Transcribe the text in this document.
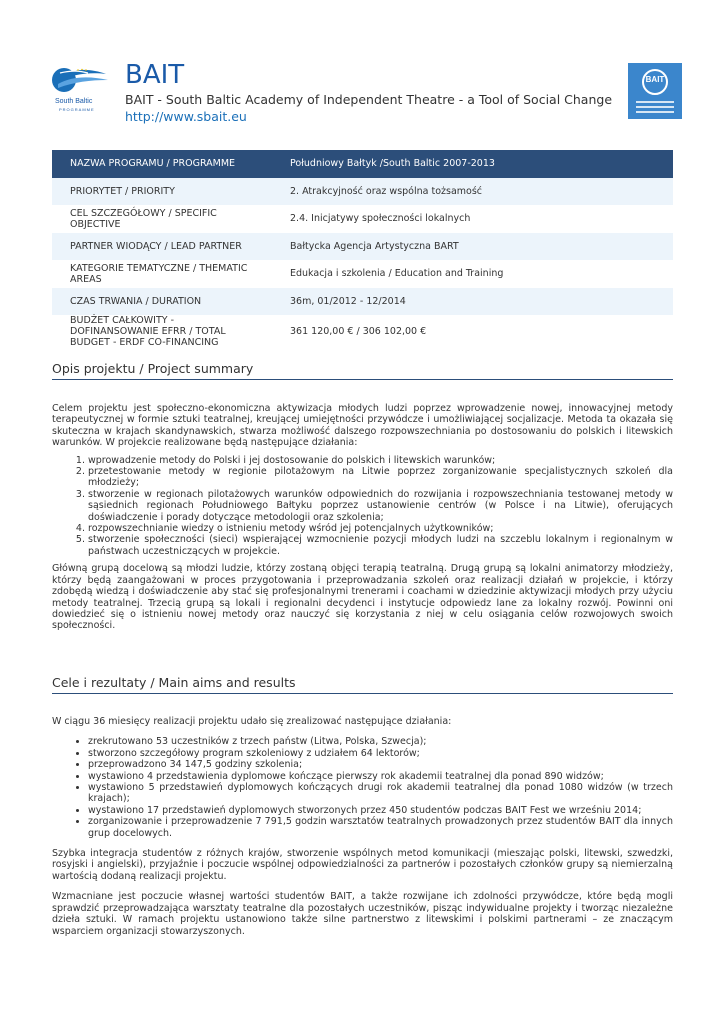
South Baltic
PROGRAMME
BAIT
BAIT - South Baltic Academy of Independent Theatre - a Tool of Social Change
http://www.sbait.eu
BAIT
NAZWA PROGRAMU / PROGRAMME	Południowy Bałtyk /South Baltic 2007-2013
PRIORYTET / PRIORITY	2. Atrakcyjność oraz wspólna tożsamość
CEL SZCZEGÓŁOWY / SPECIFIC OBJECTIVE	2.4. Inicjatywy społeczności lokalnych
PARTNER WIODĄCY / LEAD PARTNER	Bałtycka Agencja Artystyczna BART
KATEGORIE TEMATYCZNE / THEMATIC AREAS	Edukacja i szkolenia / Education and Training
CZAS TRWANIA / DURATION	36m, 01/2012 - 12/2014
BUDŻET CAŁKOWITY - DOFINANSOWANIE EFRR / TOTAL BUDGET - ERDF CO-FINANCING	361 120,00 € / 306 102,00 €
Opis projektu / Project summary

Celem projektu jest społeczno-ekonomiczna aktywizacja młodych ludzi poprzez wprowadzenie nowej, innowacyjnej metody terapeutycznej w formie sztuki teatralnej, kreującej umiejętności przywódcze i umożliwiającej socjalizacje. Metoda ta okazała się skuteczna w krajach skandynawskich, stwarza możliwość dalszego rozpowszechniania po dostosowaniu do polskich i litewskich warunków. W projekcie realizowane będą następujące działania:

1. wprowadzenie metody do Polski i jej dostosowanie do polskich i litewskich warunków;
2. przetestowanie metody w regionie pilotażowym na Litwie poprzez zorganizowanie specjalistycznych szkoleń dla młodzieży;
3. stworzenie w regionach pilotażowych warunków odpowiednich do rozwijania i rozpowszechniania testowanej metody w sąsiednich regionach Południowego Bałtyku poprzez ustanowienie centrów (w Polsce i na Litwie), oferujących doświadczenie i porady dotyczące metodologii oraz szkolenia;
4. rozpowszechnianie wiedzy o istnieniu metody wśród jej potencjalnych użytkowników;
5. stworzenie społeczności (sieci) wspierającej wzmocnienie pozycji młodych ludzi na szczeblu lokalnym i regionalnym w państwach uczestniczących w projekcie.

Główną grupą docelową są młodzi ludzie, którzy zostaną objęci terapią teatralną. Drugą grupą są lokalni animatorzy młodzieży, którzy będą zaangażowani w proces przygotowania i przeprowadzania szkoleń oraz realizacji działań w projekcie, i którzy zdobędą wiedzą i doświadczenie aby stać się profesjonalnymi trenerami i coachami w dziedzinie aktywizacji młodych przy użyciu metody teatralnej. Trzecią grupą są lokali i regionalni decydenci i instytucje odpowiedz lane za lokalny rozwój. Powinni oni dowiedzieć się o istnieniu nowej metody oraz nauczyć się korzystania z niej w celu osiągania celów rozwojowych swoich społeczności.

Cele i rezultaty / Main aims and results

W ciągu 36 miesięcy realizacji projektu udało się zrealizować następujące działania:

• zrekrutowano 53 uczestników z trzech państw (Litwa, Polska, Szwecja);
• stworzono szczegółowy program szkoleniowy z udziałem 64 lektorów;
• przeprowadzono 34 147,5 godziny szkolenia;
• wystawiono 4 przedstawienia dyplomowe kończące pierwszy rok akademii teatralnej dla ponad 890 widzów;
• wystawiono 5 przedstawień dyplomowych kończących drugi rok akademii teatralnej dla ponad 1080 widzów (w trzech krajach);
• wystawiono 17 przedstawień dyplomowych stworzonych przez 450 studentów podczas BAIT Fest we wrześniu 2014;
• zorganizowanie i przeprowadzenie 7 791,5 godzin warsztatów teatralnych prowadzonych przez studentów BAIT dla innych grup docelowych.

Szybka integracja studentów z różnych krajów, stworzenie wspólnych metod komunikacji (mieszając polski, litewski, szwedzki, rosyjski i angielski), przyjaźnie i poczucie wspólnej odpowiedzialności za partnerów i pozostałych członków grupy są niemierzalną wartością dodaną realizacji projektu.

Wzmacniane jest poczucie własnej wartości studentów BAIT, a także rozwijane ich zdolności przywódcze, które będą mogli sprawdzić przeprowadzająca warsztaty teatralne dla pozostałych uczestników, pisząc indywidualne projekty i tworząc niezależne dzieła sztuki. W ramach projektu ustanowiono także silne partnerstwo z litewskimi i polskimi partnerami – ze znaczącym wsparciem organizacji stowarzyszonych.
